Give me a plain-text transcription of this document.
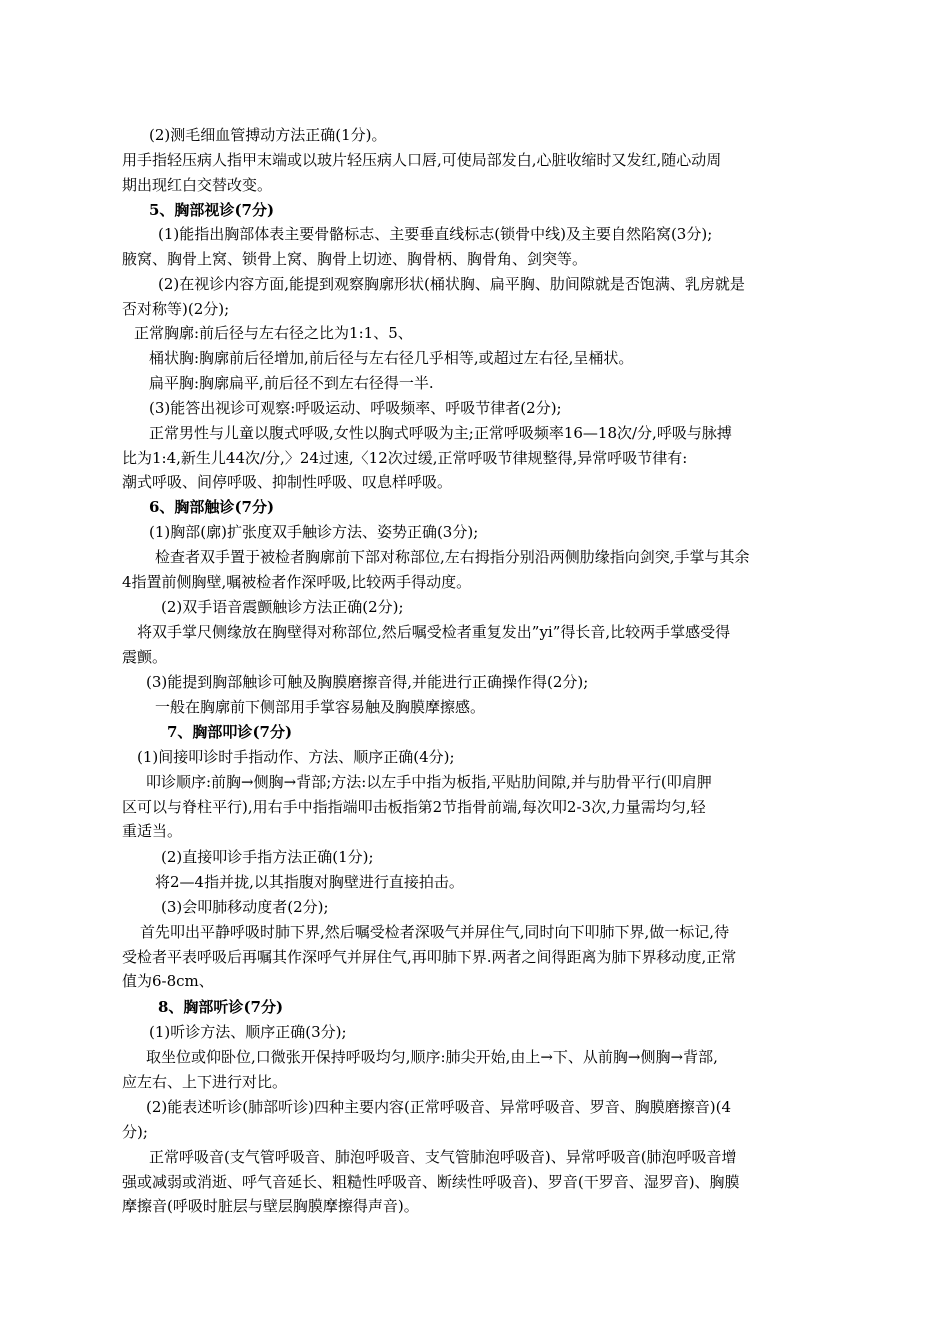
(2)测毛细血管搏动方法正确(1分)。
用手指轻压病人指甲末端或以玻片轻压病人口唇,可使局部发白,心脏收缩时又发红,随心动周
期出现红白交替改变。
5、胸部视诊(7分)
(1)能指出胸部体表主要骨骼标志、主要垂直线标志(锁骨中线)及主要自然陷窝(3分);
腋窝、胸骨上窝、锁骨上窝、胸骨上切迹、胸骨柄、胸骨角、剑突等。
(2)在视诊内容方面,能提到观察胸廓形状(桶状胸、扁平胸、肋间隙就是否饱满、乳房就是
否对称等)(2分);
正常胸廓:前后径与左右径之比为1:1、5、
桶状胸:胸廓前后径增加,前后径与左右径几乎相等,或超过左右径,呈桶状。
扁平胸:胸廓扁平,前后径不到左右径得一半.
(3)能答出视诊可观察:呼吸运动、呼吸频率、呼吸节律者(2分);
正常男性与儿童以腹式呼吸,女性以胸式呼吸为主;正常呼吸频率16—18次/分,呼吸与脉搏
比为1:4,新生儿44次/分,〉24过速,〈12次过缓,正常呼吸节律规整得,异常呼吸节律有:
潮式呼吸、间停呼吸、抑制性呼吸、叹息样呼吸。
6、胸部触诊(7分)
(1)胸部(廓)扩张度双手触诊方法、姿势正确(3分);
检查者双手置于被检者胸廓前下部对称部位,左右拇指分别沿两侧肋缘指向剑突,手掌与其余
4指置前侧胸壁,嘱被检者作深呼吸,比较两手得动度。
(2)双手语音震颤触诊方法正确(2分);
将双手掌尺侧缘放在胸壁得对称部位,然后嘱受检者重复发出”yi”得长音,比较两手掌感受得
震颤。
(3)能提到胸部触诊可触及胸膜磨擦音得,并能进行正确操作得(2分);
一般在胸廓前下侧部用手掌容易触及胸膜摩擦感。
7、胸部叩诊(7分)
(1)间接叩诊时手指动作、方法、顺序正确(4分);
叩诊顺序:前胸→侧胸→背部;方法:以左手中指为板指,平贴肋间隙,并与肋骨平行(叩肩胛
区可以与脊柱平行),用右手中指指端叩击板指第2节指骨前端,每次叩2-3次,力量需均匀,轻
重适当。
(2)直接叩诊手指方法正确(1分);
将2—4指并拢,以其指腹对胸壁进行直接拍击。
(3)会叩肺移动度者(2分);
首先叩出平静呼吸时肺下界,然后嘱受检者深吸气并屏住气,同时向下叩肺下界,做一标记,待
受检者平表呼吸后再嘱其作深呼气并屏住气,再叩肺下界.两者之间得距离为肺下界移动度,正常
值为6-8cm、
8、胸部听诊(7分)
(1)听诊方法、顺序正确(3分);
取坐位或仰卧位,口微张开保持呼吸均匀,顺序:肺尖开始,由上→下、从前胸→侧胸→背部,
应左右、上下进行对比。
(2)能表述听诊(肺部听诊)四种主要内容(正常呼吸音、异常呼吸音、罗音、胸膜磨擦音)(4
分);
正常呼吸音(支气管呼吸音、肺泡呼吸音、支气管肺泡呼吸音)、异常呼吸音(肺泡呼吸音增
强或减弱或消逝、呼气音延长、粗糙性呼吸音、断续性呼吸音)、罗音(干罗音、湿罗音)、胸膜
摩擦音(呼吸时脏层与壁层胸膜摩擦得声音)。
